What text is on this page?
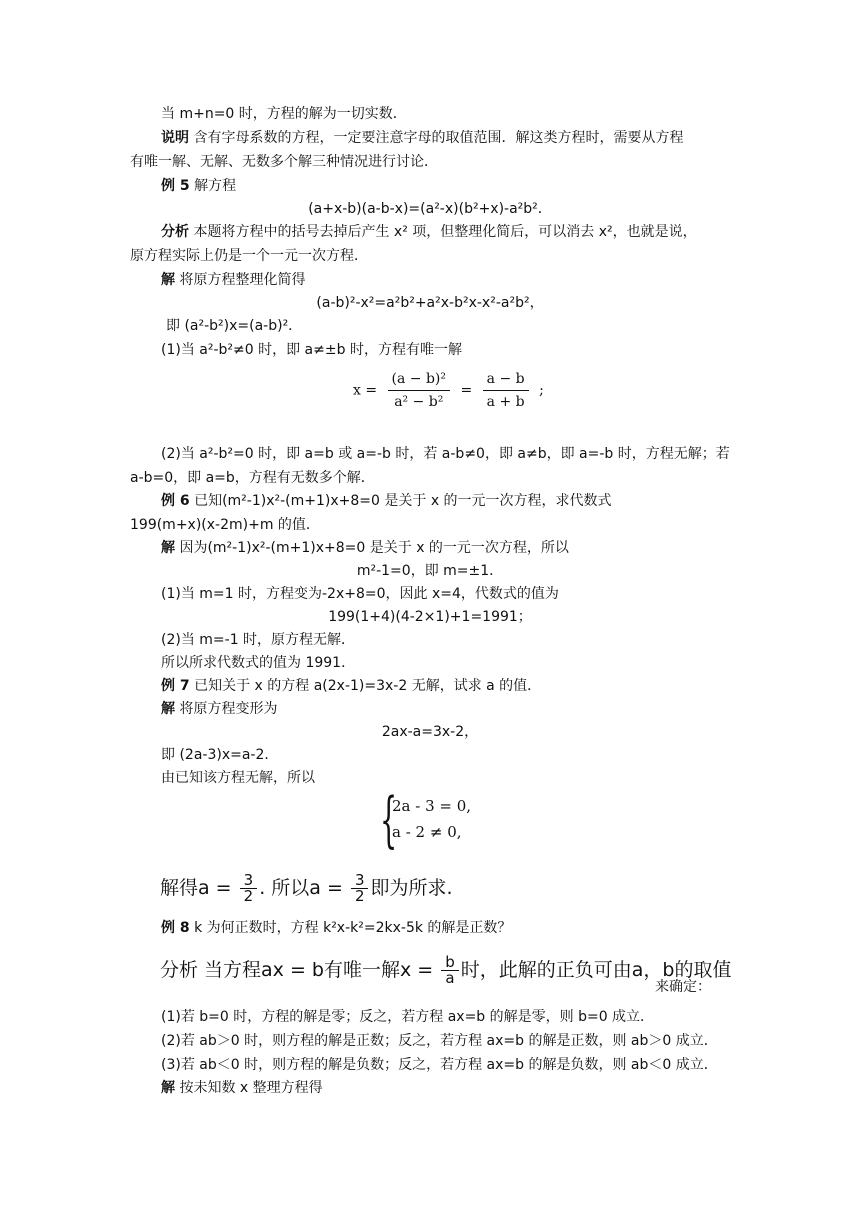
当 m+n=0 时，方程的解为一切实数．
说明 含有字母系数的方程，一定要注意字母的取值范围．解这类方程时，需要从方程
有唯一解、无解、无数多个解三种情况进行讨论．
例 5 解方程
(a+x-b)(a-b-x)=(a²-x)(b²+x)-a²b²．
分析 本题将方程中的括号去掉后产生 x² 项，但整理化简后，可以消去 x²，也就是说，
原方程实际上仍是一个一元一次方程．
解 将原方程整理化简得
(a-b)²-x²=a²b²+a²x-b²x-x²-a²b²，
即 (a²-b²)x=(a-b)²．
(1)当 a²-b²≠0 时，即 a≠±b 时，方程有唯一解
$x = \frac{\text{(a − b)²}}{\text{a² − b²}} = \frac{a - b}{a + b}$ ;
(2)当 a²-b²=0 时，即 a=b 或 a=-b 时，若 a-b≠0，即 a≠b，即 a=-b 时，方程无解；若
a-b=0，即 a=b，方程有无数多个解．
例 6 已知(m²-1)x²-(m+1)x+8=0 是关于 x 的一元一次方程，求代数式
199(m+x)(x-2m)+m 的值．
解 因为(m²-1)x²-(m+1)x+8=0 是关于 x 的一元一次方程，所以
m²-1=0，即 m=±1．
(1)当 m=1 时，方程变为-2x+8=0，因此 x=4，代数式的值为
199(1+4)(4-2×1)+1=1991；
(2)当 m=-1 时，原方程无解．
所以所求代数式的值为 1991．
例 7 已知关于 x 的方程 a(2x-1)=3x-2 无解，试求 a 的值．
解 将原方程变形为
2ax-a=3x-2，
即 (2a-3)x=a-2．
由已知该方程无解，所以
{
2a - 3 = 0,
a - 2 ≠ 0,
解得$a = \frac{3}{2}$ . 所以$a = \frac{3}{2}$ 即为所求.
例 8 k 为何正数时，方程 k²x-k²=2kx-5k 的解是正数？
分析 当方程ax = b有唯一解$x = \frac{b}{a}$ 时，此解的正负可由a，b的取值
来确定：
(1)若 b=0 时，方程的解是零；反之，若方程 ax=b 的解是零，则 b=0 成立．
(2)若 ab＞0 时，则方程的解是正数；反之，若方程 ax=b 的解是正数，则 ab＞0 成立．
(3)若 ab＜0 时，则方程的解是负数；反之，若方程 ax=b 的解是负数，则 ab＜0 成立．
解 按未知数 x 整理方程得
